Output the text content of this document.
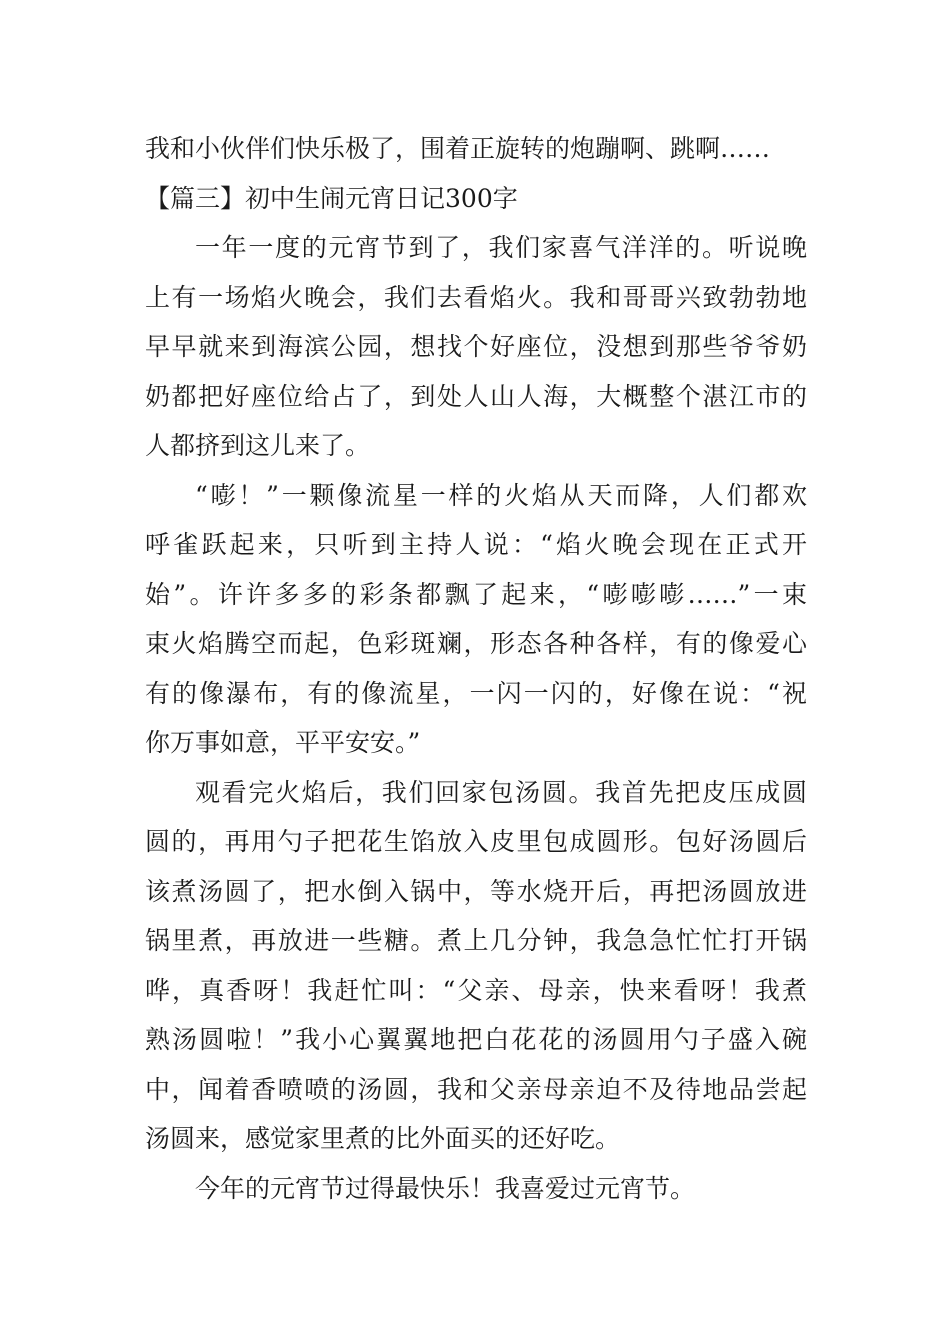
我和小伙伴们快乐极了，围着正旋转的炮蹦啊、跳啊……

【篇三】初中生闹元宵日记300字

一年一度的元宵节到了，我们家喜气洋洋的。听说晚

上有一场焰火晚会，我们去看焰火。我和哥哥兴致勃勃地

早早就来到海滨公园，想找个好座位，没想到那些爷爷奶

奶都把好座位给占了，到处人山人海，大概整个湛江市的

人都挤到这儿来了。

“嘭！”一颗像流星一样的火焰从天而降，人们都欢

呼雀跃起来，只听到主持人说：“焰火晚会现在正式开

始”。许许多多的彩条都飘了起来，“嘭嘭嘭……”一束

束火焰腾空而起，色彩斑斓，形态各种各样，有的像爱心

有的像瀑布，有的像流星，一闪一闪的，好像在说：“祝

你万事如意，平平安安。”

观看完火焰后，我们回家包汤圆。我首先把皮压成圆

圆的，再用勺子把花生馅放入皮里包成圆形。包好汤圆后

该煮汤圆了，把水倒入锅中，等水烧开后，再把汤圆放进

锅里煮，再放进一些糖。煮上几分钟，我急急忙忙打开锅

哗，真香呀！我赶忙叫：“父亲、母亲，快来看呀！我煮

熟汤圆啦！”我小心翼翼地把白花花的汤圆用勺子盛入碗

中，闻着香喷喷的汤圆，我和父亲母亲迫不及待地品尝起

汤圆来，感觉家里煮的比外面买的还好吃。

今年的元宵节过得最快乐！我喜爱过元宵节。
